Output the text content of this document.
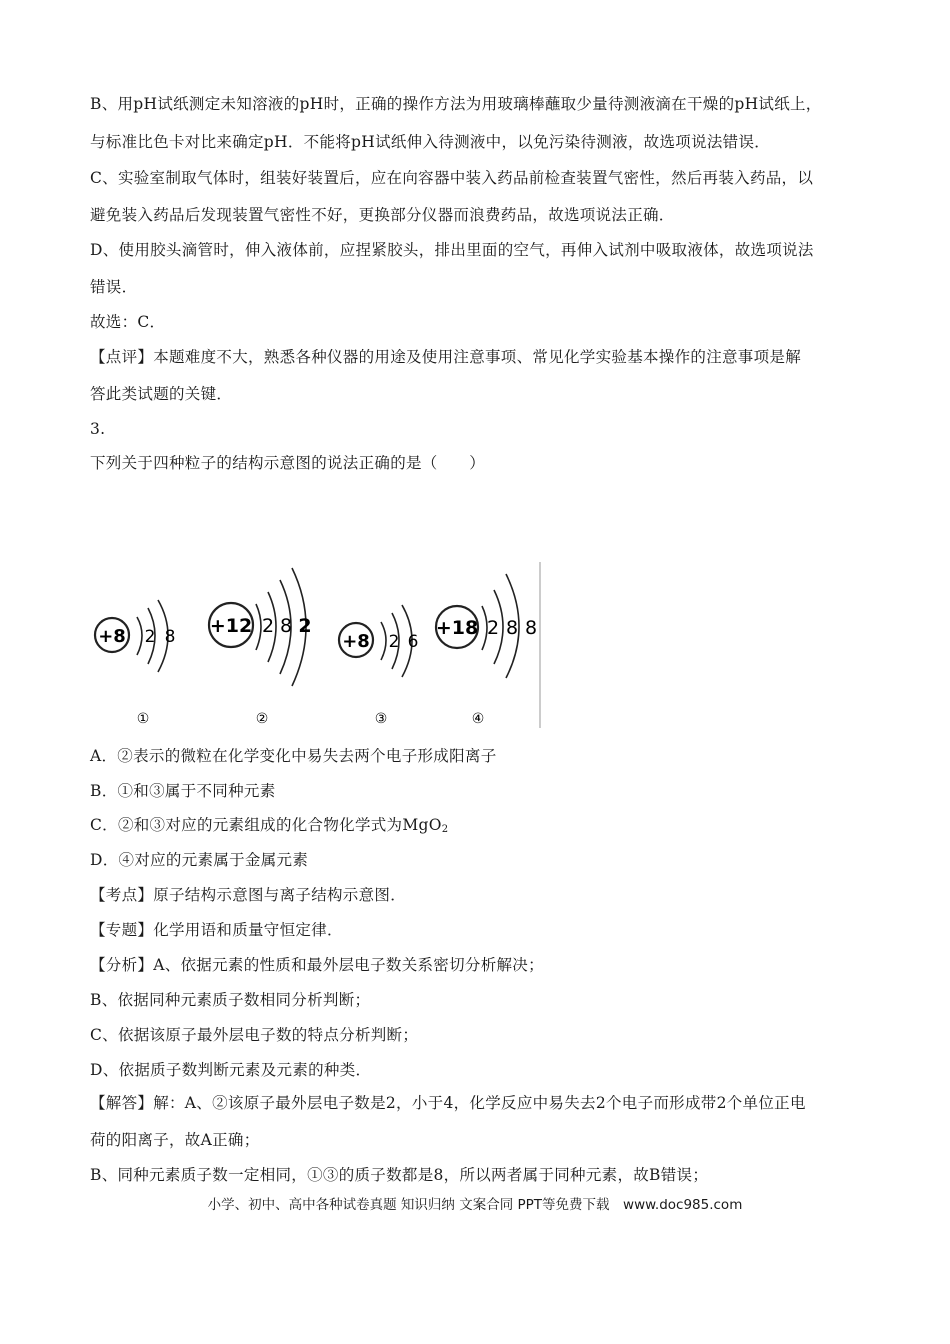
B、用pH试纸测定未知溶液的pH时，正确的操作方法为用玻璃棒蘸取少量待测液滴在干燥的pH试纸上，
与标准比色卡对比来确定pH．不能将pH试纸伸入待测液中，以免污染待测液，故选项说法错误．
C、实验室制取气体时，组装好装置后，应在向容器中装入药品前检查装置气密性，然后再装入药品，以
避免装入药品后发现装置气密性不好，更换部分仪器而浪费药品，故选项说法正确．
D、使用胶头滴管时，伸入液体前，应捏紧胶头，排出里面的空气，再伸入试剂中吸取液体，故选项说法
错误．
故选：C．
【点评】本题难度不大，熟悉各种仪器的用途及使用注意事项、常见化学实验基本操作的注意事项是解
答此类试题的关键．
3.
下列关于四种粒子的结构示意图的说法正确的是（　　）
+8 2 8
①
+12 2 8 2
②
+8 2 6
③
+18 2 8 8
④
A．②表示的微粒在化学变化中易失去两个电子形成阳离子
B．①和③属于不同种元素
C．②和③对应的元素组成的化合物化学式为MgO$_2$
D．④对应的元素属于金属元素
【考点】原子结构示意图与离子结构示意图．
【专题】化学用语和质量守恒定律．
【分析】A、依据元素的性质和最外层电子数关系密切分析解决；
B、依据同种元素质子数相同分析判断；
C、依据该原子最外层电子数的特点分析判断；
D、依据质子数判断元素及元素的种类．
【解答】解：A、②该原子最外层电子数是2，小于4，化学反应中易失去2个电子而形成带2个单位正电
荷的阳离子，故A正确；
B、同种元素质子数一定相同，①③的质子数都是8，所以两者属于同种元素，故B错误；
小学、初中、高中各种试卷真题 知识归纳 文案合同 PPT等免费下载　www.doc985.com
